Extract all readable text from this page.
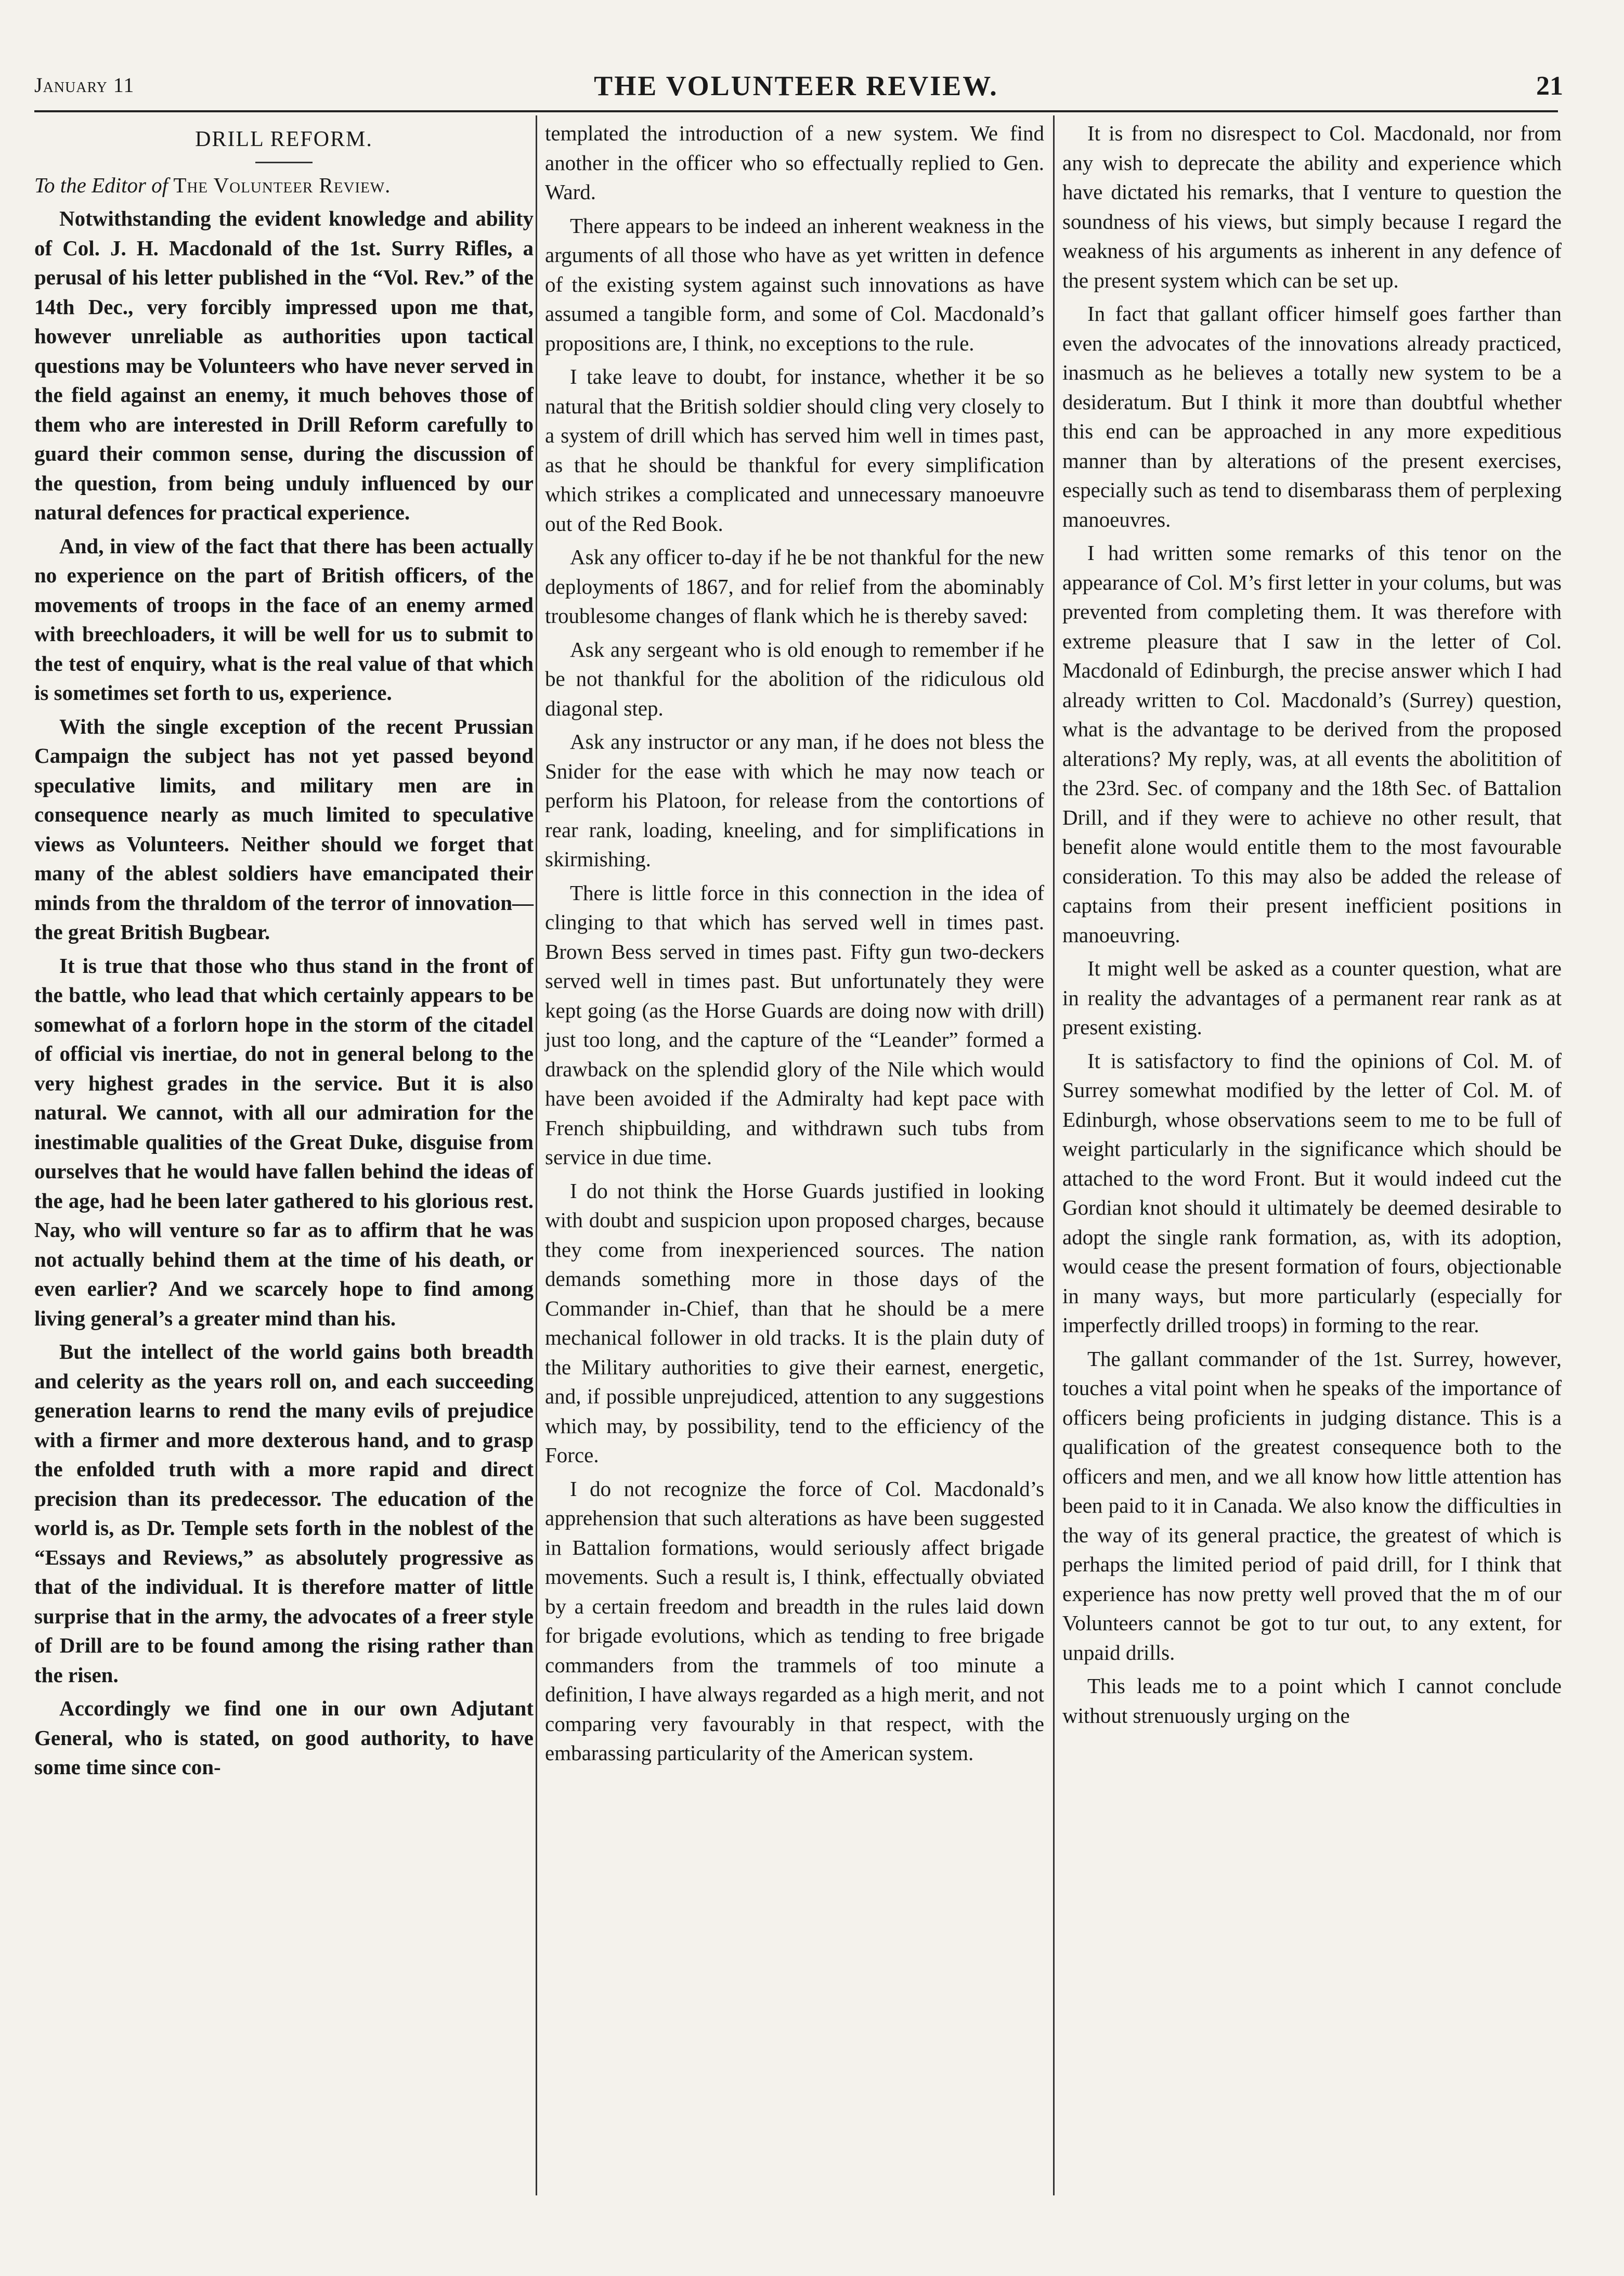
January 11	THE VOLUNTEER REVIEW.	21
DRILL REFORM.

To the Editor of The Volunteer Review.

Notwithstanding the evident knowledge and ability of Col. J. H. Macdonald of the 1st. Surry Rifles, a perusal of his letter published in the “Vol. Rev.” of the 14th Dec., very forcibly impressed upon me that, however unreliable as authorities upon tactical questions may be Volunteers who have never served in the field against an enemy, it much behoves those of them who are interested in Drill Reform carefully to guard their common sense, during the discussion of the question, from being unduly influenced by our natural defences for practical experience.

And, in view of the fact that there has been actually no experience on the part of British officers, of the movements of troops in the face of an enemy armed with breechloaders, it will be well for us to submit to the test of enquiry, what is the real value of that which is sometimes set forth to us, experience.

With the single exception of the recent Prussian Campaign the subject has not yet passed beyond speculative limits, and military men are in consequence nearly as much limited to speculative views as Volunteers. Neither should we forget that many of the ablest soldiers have emancipated their minds from the thraldom of the terror of innovation—the great British Bugbear.

It is true that those who thus stand in the front of the battle, who lead that which certainly appears to be somewhat of a forlorn hope in the storm of the citadel of official vis inertiae, do not in general belong to the very highest grades in the service. But it is also natural. We cannot, with all our admiration for the inestimable qualities of the Great Duke, disguise from ourselves that he would have fallen behind the ideas of the age, had he been later gathered to his glorious rest. Nay, who will venture so far as to affirm that he was not actually behind them at the time of his death, or even earlier? And we scarcely hope to find among living general’s a greater mind than his.

But the intellect of the world gains both breadth and celerity as the years roll on, and each succeeding generation learns to rend the many evils of prejudice with a firmer and more dexterous hand, and to grasp the enfolded truth with a more rapid and direct precision than its predecessor. The education of the world is, as Dr. Temple sets forth in the noblest of the “Essays and Reviews,” as absolutely progressive as that of the individual. It is therefore matter of little surprise that in the army, the advocates of a freer style of Drill are to be found among the rising rather than the risen.

Accordingly we find one in our own Adjutant General, who is stated, on good authority, to have some time since con-

templated the introduction of a new system. We find another in the officer who so effectually replied to Gen. Ward.

There appears to be indeed an inherent weakness in the arguments of all those who have as yet written in defence of the existing system against such innovations as have assumed a tangible form, and some of Col. Macdonald’s propositions are, I think, no exceptions to the rule.

I take leave to doubt, for instance, whether it be so natural that the British soldier should cling very closely to a system of drill which has served him well in times past, as that he should be thankful for every simplification which strikes a complicated and unnecessary manoeuvre out of the Red Book.

Ask any officer to-day if he be not thankful for the new deployments of 1867, and for relief from the abominably troublesome changes of flank which he is thereby saved:

Ask any sergeant who is old enough to remember if he be not thankful for the abolition of the ridiculous old diagonal step.

Ask any instructor or any man, if he does not bless the Snider for the ease with which he may now teach or perform his Platoon, for release from the contortions of rear rank, loading, kneeling, and for simplifications in skirmishing.

There is little force in this connection in the idea of clinging to that which has served well in times past. Brown Bess served in times past. Fifty gun two-deckers served well in times past. But unfortunately they were kept going (as the Horse Guards are doing now with drill) just too long, and the capture of the “Leander” formed a drawback on the splendid glory of the Nile which would have been avoided if the Admiralty had kept pace with French shipbuilding, and withdrawn such tubs from service in due time.

I do not think the Horse Guards justified in looking with doubt and suspicion upon proposed charges, because they come from inexperienced sources. The nation demands something more in those days of the Commander in-Chief, than that he should be a mere mechanical follower in old tracks. It is the plain duty of the Military authorities to give their earnest, energetic, and, if possible unprejudiced, attention to any suggestions which may, by possibility, tend to the efficiency of the Force.

I do not recognize the force of Col. Macdonald’s apprehension that such alterations as have been suggested in Battalion formations, would seriously affect brigade movements. Such a result is, I think, effectually obviated by a certain freedom and breadth in the rules laid down for brigade evolutions, which as tending to free brigade commanders from the trammels of too minute a definition, I have always regarded as a high merit, and not comparing very favourably in that respect, with the embarassing particularity of the American system.

It is from no disrespect to Col. Macdonald, nor from any wish to deprecate the ability and experience which have dictated his remarks, that I venture to question the soundness of his views, but simply because I regard the weakness of his arguments as inherent in any defence of the present system which can be set up.

In fact that gallant officer himself goes farther than even the advocates of the innovations already practiced, inasmuch as he believes a totally new system to be a desideratum. But I think it more than doubtful whether this end can be approached in any more expeditious manner than by alterations of the present exercises, especially such as tend to disembarass them of perplexing manoeuvres.

I had written some remarks of this tenor on the appearance of Col. M’s first letter in your colums, but was prevented from completing them. It was therefore with extreme pleasure that I saw in the letter of Col. Macdonald of Edinburgh, the precise answer which I had already written to Col. Macdonald’s (Surrey) question, what is the advantage to be derived from the proposed alterations? My reply, was, at all events the abolitition of the 23rd. Sec. of company and the 18th Sec. of Battalion Drill, and if they were to achieve no other result, that benefit alone would entitle them to the most favourable consideration. To this may also be added the release of captains from their present inefficient positions in manoeuvring.

It might well be asked as a counter question, what are in reality the advantages of a permanent rear rank as at present existing.

It is satisfactory to find the opinions of Col. M. of Surrey somewhat modified by the letter of Col. M. of Edinburgh, whose observations seem to me to be full of weight particularly in the significance which should be attached to the word Front. But it would indeed cut the Gordian knot should it ultimately be deemed desirable to adopt the single rank formation, as, with its adoption, would cease the present formation of fours, objectionable in many ways, but more particularly (especially for imperfectly drilled troops) in forming to the rear.

The gallant commander of the 1st. Surrey, however, touches a vital point when he speaks of the importance of officers being proficients in judging distance. This is a qualification of the greatest consequence both to the officers and men, and we all know how little attention has been paid to it in Canada. We also know the difficulties in the way of its general practice, the greatest of which is perhaps the limited period of paid drill, for I think that experience has now pretty well proved that the m of our Volunteers cannot be got to tur out, to any extent, for unpaid drills.

This leads me to a point which I cannot conclude without strenuously urging on the
